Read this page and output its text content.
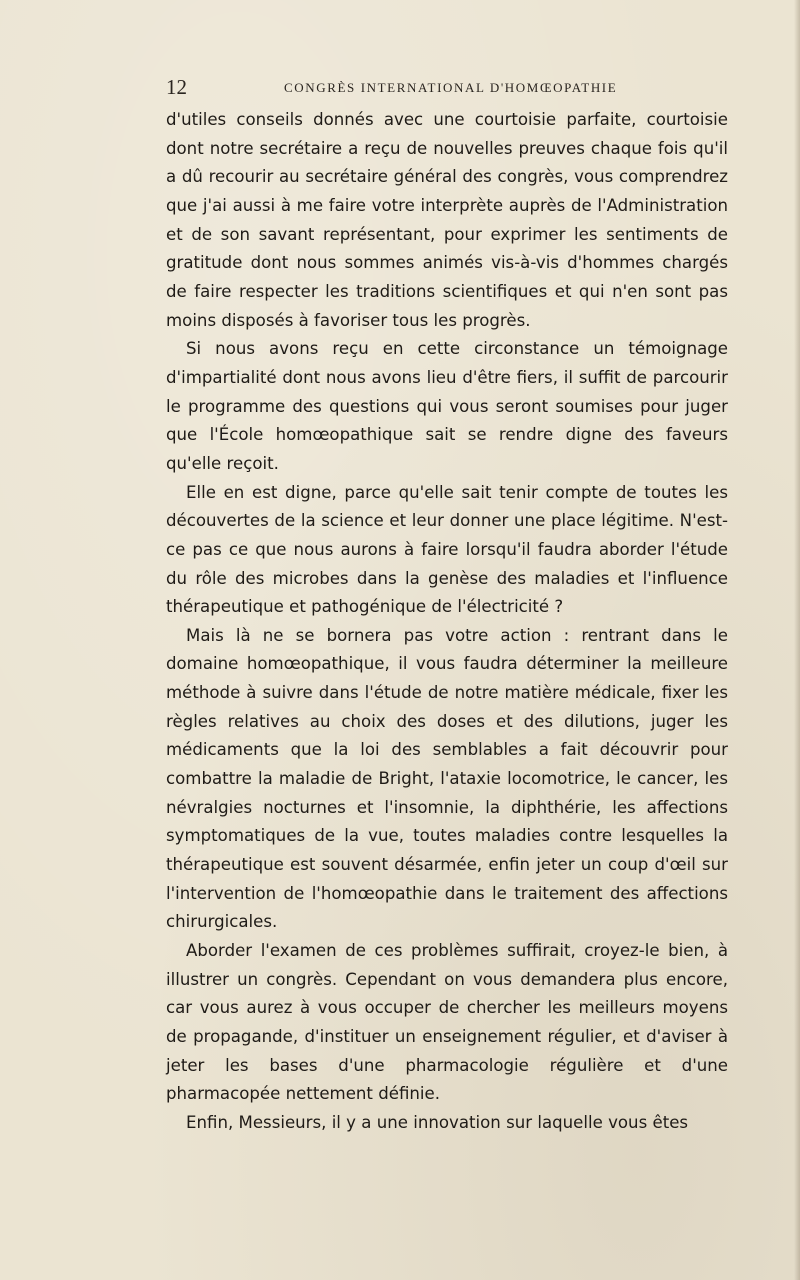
12	CONGRÈS INTERNATIONAL D'HOMŒOPATHIE

d'utiles conseils donnés avec une courtoisie parfaite, courtoisie dont notre secrétaire a reçu de nouvelles preuves chaque fois qu'il a dû recourir au secrétaire général des congrès, vous comprendrez que j'ai aussi à me faire votre interprète auprès de l'Administration et de son savant représentant, pour exprimer les sentiments de gratitude dont nous sommes animés vis-à-vis d'hommes chargés de faire respecter les traditions scientifiques et qui n'en sont pas moins disposés à favoriser tous les progrès.

Si nous avons reçu en cette circonstance un témoignage d'impartialité dont nous avons lieu d'être fiers, il suffit de parcourir le programme des questions qui vous seront soumises pour juger que l'École homœopathique sait se rendre digne des faveurs qu'elle reçoit.

Elle en est digne, parce qu'elle sait tenir compte de toutes les découvertes de la science et leur donner une place légitime. N'est-ce pas ce que nous aurons à faire lorsqu'il faudra aborder l'étude du rôle des microbes dans la genèse des maladies et l'influence thérapeutique et pathogénique de l'électricité ?

Mais là ne se bornera pas votre action : rentrant dans le domaine homœopathique, il vous faudra déterminer la meilleure méthode à suivre dans l'étude de notre matière médicale, fixer les règles relatives au choix des doses et des dilutions, juger les médicaments que la loi des semblables a fait découvrir pour combattre la maladie de Bright, l'ataxie locomotrice, le cancer, les névralgies nocturnes et l'insomnie, la diphthérie, les affections symptomatiques de la vue, toutes maladies contre lesquelles la thérapeutique est souvent désarmée, enfin jeter un coup d'œil sur l'intervention de l'homœopathie dans le traitement des affections chirurgicales.

Aborder l'examen de ces problèmes suffirait, croyez-le bien, à illustrer un congrès. Cependant on vous demandera plus encore, car vous aurez à vous occuper de chercher les meilleurs moyens de propagande, d'instituer un enseignement régulier, et d'aviser à jeter les bases d'une pharmacologie régulière et d'une pharmacopée nettement définie.

Enfin, Messieurs, il y a une innovation sur laquelle vous êtes
